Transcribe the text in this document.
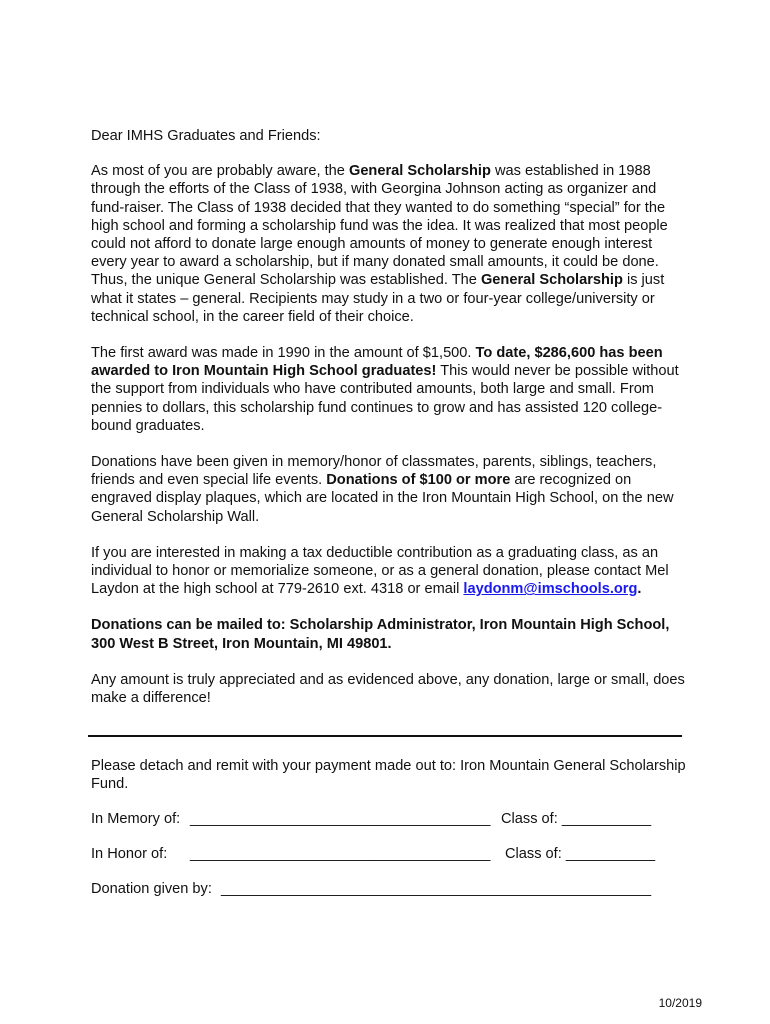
Dear IMHS Graduates and Friends:

As most of you are probably aware, the General Scholarship was established in 1988 through the efforts of the Class of 1938, with Georgina Johnson acting as organizer and fund-raiser. The Class of 1938 decided that they wanted to do something “special” for the high school and forming a scholarship fund was the idea. It was realized that most people could not afford to donate large enough amounts of money to generate enough interest every year to award a scholarship, but if many donated small amounts, it could be done. Thus, the unique General Scholarship was established. The General Scholarship is just what it states – general. Recipients may study in a two or four-year college/university or technical school, in the career field of their choice.

The first award was made in 1990 in the amount of $1,500. To date, $286,600 has been awarded to Iron Mountain High School graduates! This would never be possible without the support from individuals who have contributed amounts, both large and small. From pennies to dollars, this scholarship fund continues to grow and has assisted 120 college-bound graduates.

Donations have been given in memory/honor of classmates, parents, siblings, teachers, friends and even special life events. Donations of $100 or more are recognized on engraved display plaques, which are located in the Iron Mountain High School, on the new General Scholarship Wall.

If you are interested in making a tax deductible contribution as a graduating class, as an individual to honor or memorialize someone, or as a general donation, please contact Mel Laydon at the high school at 779-2610 ext. 4318 or email laydonm@imschools.org.

Donations can be mailed to: Scholarship Administrator, Iron Mountain High School, 300 West B Street, Iron Mountain, MI 49801.

Any amount is truly appreciated and as evidenced above, any donation, large or small, does make a difference!

Please detach and remit with your payment made out to: Iron Mountain General Scholarship Fund.

In Memory of: _____________________________________ Class of: ___________
In Honor of: _____________________________________ Class of: ___________
Donation given by: _____________________________________________________
10/2019
